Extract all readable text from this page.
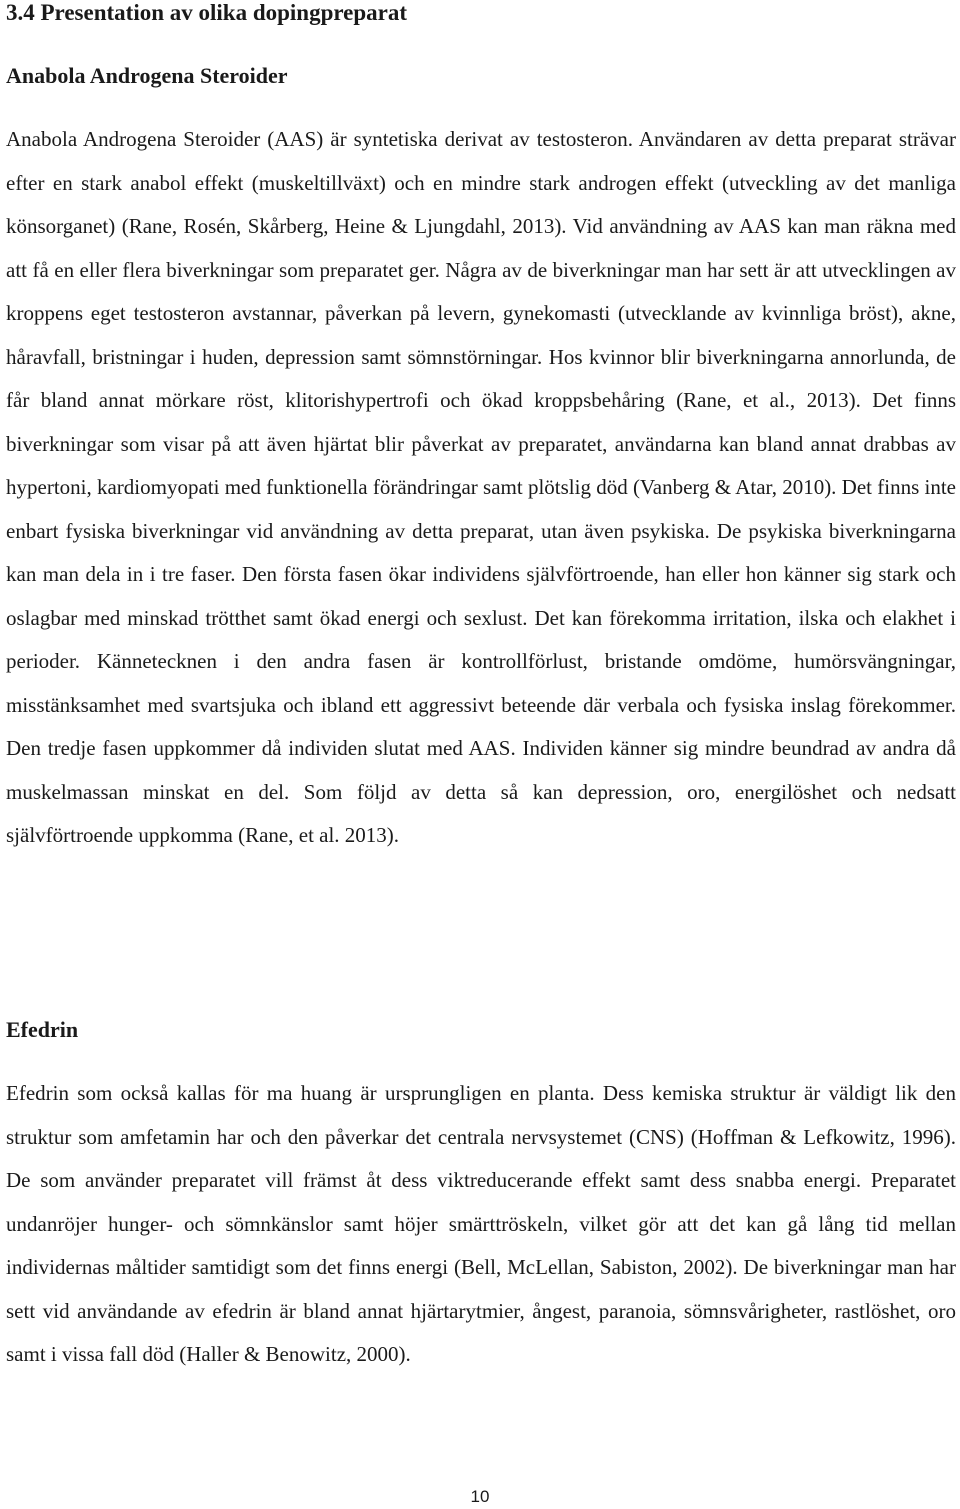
3.4 Presentation av olika dopingpreparat
Anabola Androgena Steroider

Anabola Androgena Steroider (AAS) är syntetiska derivat av testosteron. Användaren av detta preparat strävar efter en stark anabol effekt (muskeltillväxt) och en mindre stark androgen effekt (utveckling av det manliga könsorganet) (Rane, Rosén, Skårberg, Heine & Ljungdahl, 2013). Vid användning av AAS kan man räkna med att få en eller flera biverkningar som preparatet ger. Några av de biverkningar man har sett är att utvecklingen av kroppens eget testosteron avstannar, påverkan på levern, gynekomasti (utvecklande av kvinnliga bröst), akne, håravfall, bristningar i huden, depression samt sömnstörningar. Hos kvinnor blir biverkningarna annorlunda, de får bland annat mörkare röst, klitorishypertrofi och ökad kroppsbehåring (Rane, et al., 2013). Det finns biverkningar som visar på att även hjärtat blir påverkat av preparatet, användarna kan bland annat drabbas av hypertoni, kardiomyopati med funktionella förändringar samt plötslig död (Vanberg & Atar, 2010). Det finns inte enbart fysiska biverkningar vid användning av detta preparat, utan även psykiska. De psykiska biverkningarna kan man dela in i tre faser. Den första fasen ökar individens självförtroende, han eller hon känner sig stark och oslagbar med minskad trötthet samt ökad energi och sexlust. Det kan förekomma irritation, ilska och elakhet i perioder. Kännetecknen i den andra fasen är kontrollförlust, bristande omdöme, humörsvängningar, misstänksamhet med svartsjuka och ibland ett aggressivt beteende där verbala och fysiska inslag förekommer. Den tredje fasen uppkommer då individen slutat med AAS. Individen känner sig mindre beundrad av andra då muskelmassan minskat en del. Som följd av detta så kan depression, oro, energilöshet och nedsatt självförtroende uppkomma (Rane, et al. 2013).

Efedrin

Efedrin som också kallas för ma huang är ursprungligen en planta. Dess kemiska struktur är väldigt lik den struktur som amfetamin har och den påverkar det centrala nervsystemet (CNS) (Hoffman & Lefkowitz, 1996). De som använder preparatet vill främst åt dess viktreducerande effekt samt dess snabba energi. Preparatet undanröjer hunger- och sömnkänslor samt höjer smärttröskeln, vilket gör att det kan gå lång tid mellan individernas måltider samtidigt som det finns energi (Bell, McLellan, Sabiston, 2002). De biverkningar man har sett vid användande av efedrin är bland annat hjärtarytmier, ångest, paranoia, sömnsvårigheter, rastlöshet, oro samt i vissa fall död (Haller & Benowitz, 2000).

10
